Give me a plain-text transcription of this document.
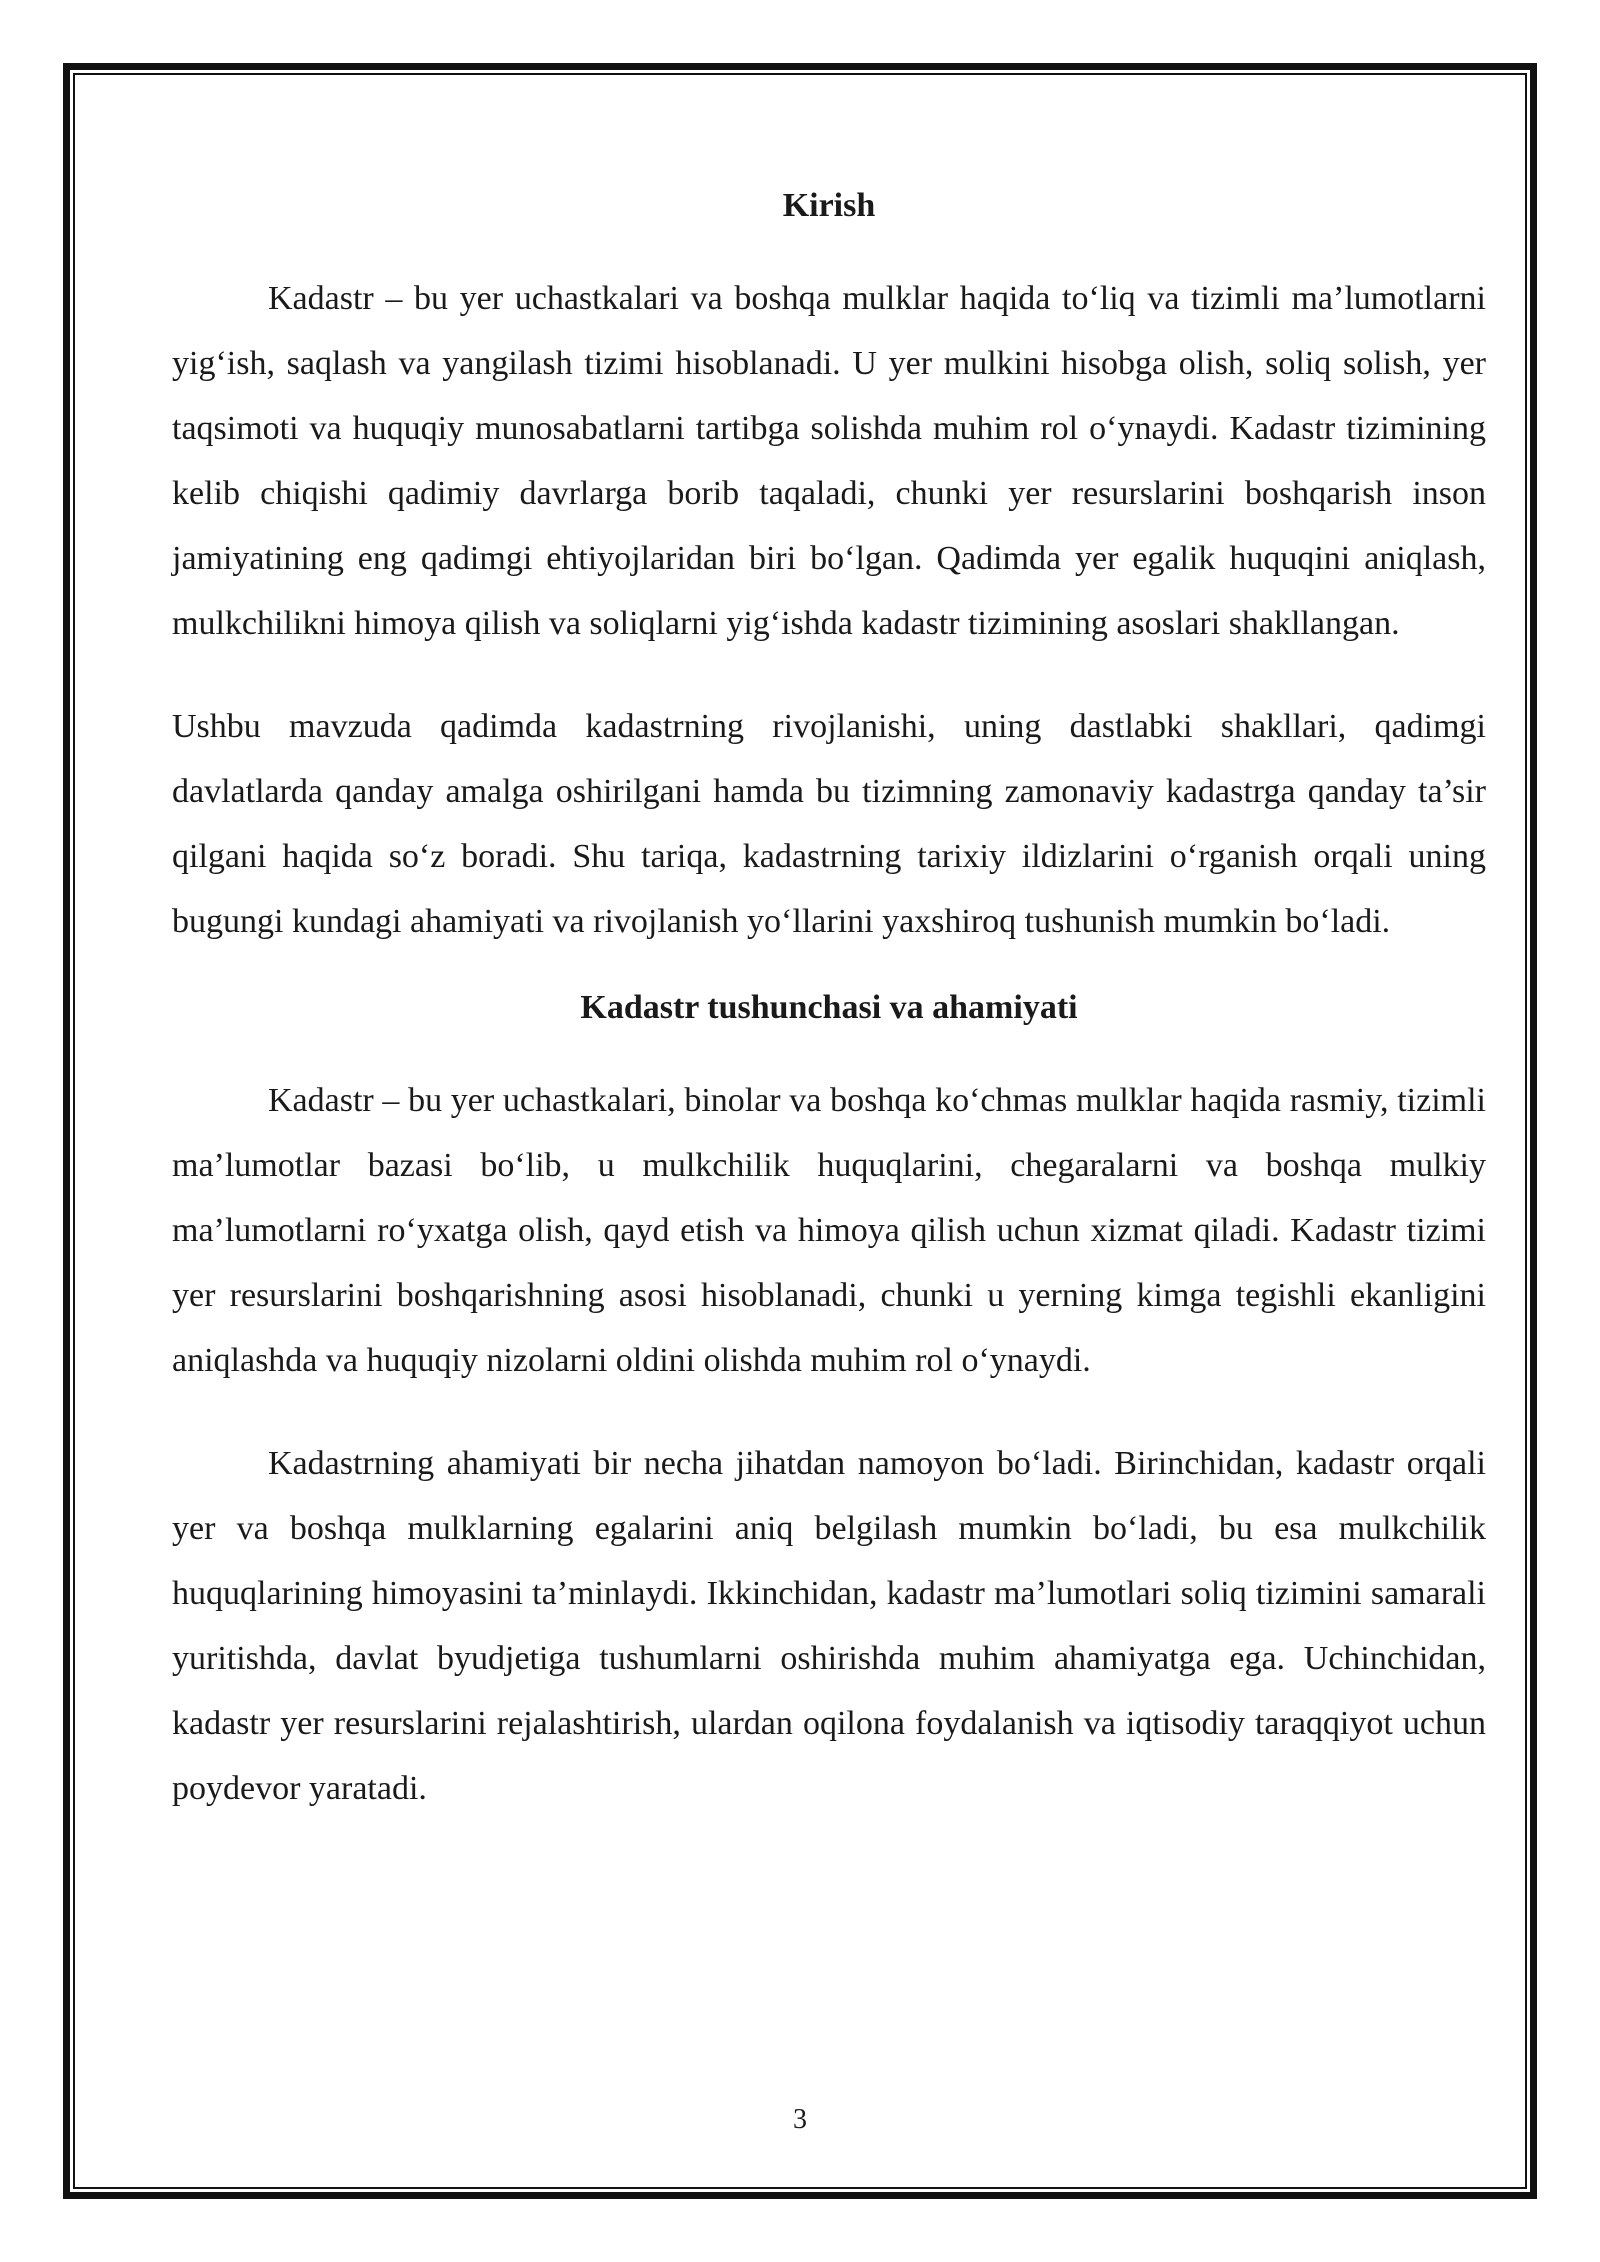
Kirish

Kadastr – bu yer uchastkalari va boshqa mulklar haqida to‘liq va tizimli ma’lumotlarni yig‘ish, saqlash va yangilash tizimi hisoblanadi. U yer mulkini hisobga olish, soliq solish, yer taqsimoti va huquqiy munosabatlarni tartibga solishda muhim rol o‘ynaydi. Kadastr tizimining kelib chiqishi qadimiy davrlarga borib taqaladi, chunki yer resurslarini boshqarish inson jamiyatining eng qadimgi ehtiyojlaridan biri bo‘lgan. Qadimda yer egalik huquqini aniqlash, mulkchilikni himoya qilish va soliqlarni yig‘ishda kadastr tizimining asoslari shakllangan.

Ushbu mavzuda qadimda kadastrning rivojlanishi, uning dastlabki shakllari, qadimgi davlatlarda qanday amalga oshirilgani hamda bu tizimning zamonaviy kadastrga qanday ta’sir qilgani haqida so‘z boradi. Shu tariqa, kadastrning tarixiy ildizlarini o‘rganish orqali uning bugungi kundagi ahamiyati va rivojlanish yo‘llarini yaxshiroq tushunish mumkin bo‘ladi.

Kadastr tushunchasi va ahamiyati

Kadastr – bu yer uchastkalari, binolar va boshqa ko‘chmas mulklar haqida rasmiy, tizimli ma’lumotlar bazasi bo‘lib, u mulkchilik huquqlarini, chegaralarni va boshqa mulkiy ma’lumotlarni ro‘yxatga olish, qayd etish va himoya qilish uchun xizmat qiladi. Kadastr tizimi yer resurslarini boshqarishning asosi hisoblanadi, chunki u yerning kimga tegishli ekanligini aniqlashda va huquqiy nizolarni oldini olishda muhim rol o‘ynaydi.

Kadastrning ahamiyati bir necha jihatdan namoyon bo‘ladi. Birinchidan, kadastr orqali yer va boshqa mulklarning egalarini aniq belgilash mumkin bo‘ladi, bu esa mulkchilik huquqlarining himoyasini ta’minlaydi. Ikkinchidan, kadastr ma’lumotlari soliq tizimini samarali yuritishda, davlat byudjetiga tushumlarni oshirishda muhim ahamiyatga ega. Uchinchidan, kadastr yer resurslarini rejalashtirish, ulardan oqilona foydalanish va iqtisodiy taraqqiyot uchun poydevor yaratadi.

3
